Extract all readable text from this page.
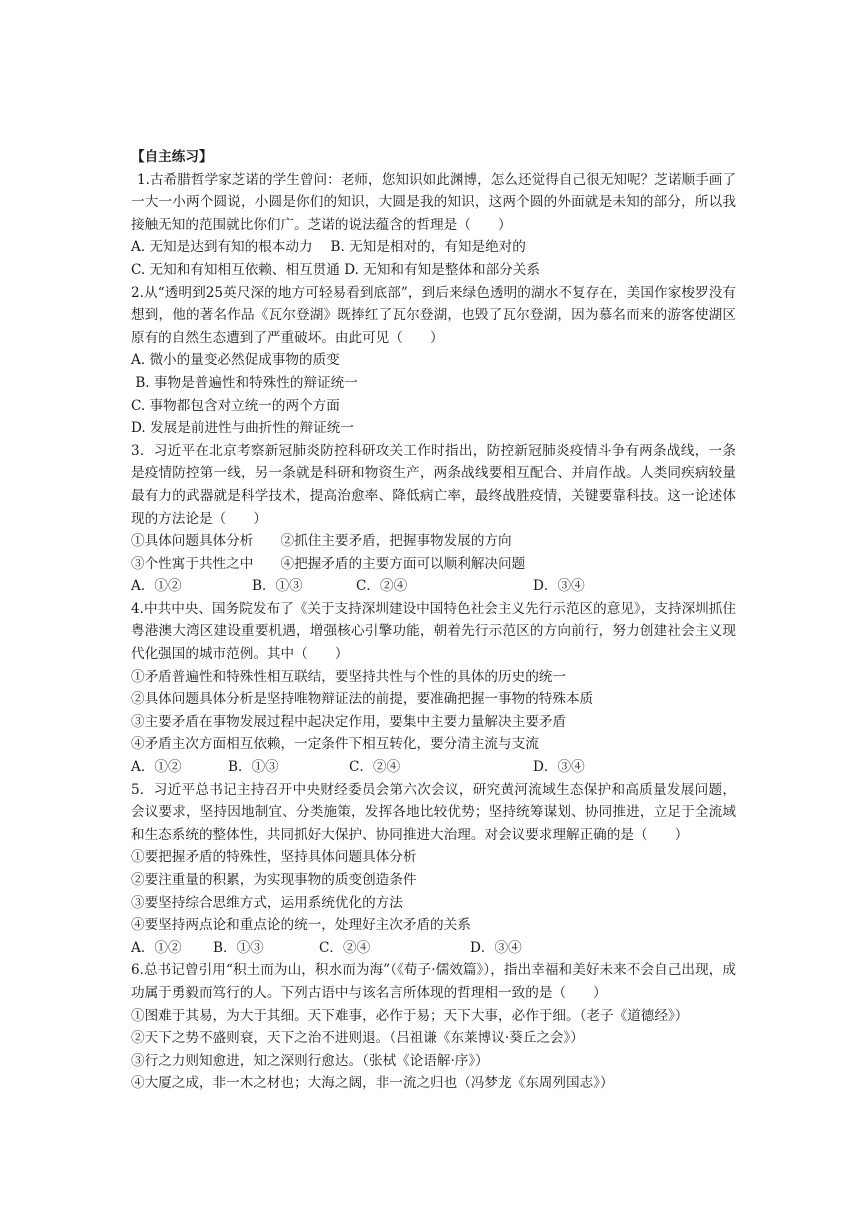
【自主练习】

1.古希腊哲学家芝诺的学生曾问：老师，您知识如此渊博，怎么还觉得自己很无知呢？芝诺顺手画了一大一小两个圆说，小圆是你们的知识，大圆是我的知识，这两个圆的外面就是未知的部分，所以我接触无知的范围就比你们广。芝诺的说法蕴含的哲理是（　　）

A. 无知是达到有知的根本动力　 B. 无知是相对的，有知是绝对的

C. 无知和有知相互依赖、相互贯通 D. 无知和有知是整体和部分关系

2.从“透明到25英尺深的地方可轻易看到底部”，到后来绿色透明的湖水不复存在，美国作家梭罗没有想到，他的著名作品《瓦尔登湖》既捧红了瓦尔登湖，也毁了瓦尔登湖，因为慕名而来的游客使湖区原有的自然生态遭到了严重破坏。由此可见（　　）

A. 微小的量变必然促成事物的质变

B. 事物是普遍性和特殊性的辩证统一

C. 事物都包含对立统一的两个方面

D. 发展是前进性与曲折性的辩证统一

3．习近平在北京考察新冠肺炎防控科研攻关工作时指出，防控新冠肺炎疫情斗争有两条战线，一条是疫情防控第一线，另一条就是科研和物资生产，两条战线要相互配合、并肩作战。人类同疾病较量最有力的武器就是科学技术，提高治愈率、降低病亡率，最终战胜疫情，关键要靠科技。这一论述体现的方法论是（　　）

①具体问题具体分析　　②抓住主要矛盾，把握事物发展的方向

③个性寓于共性之中　　④把握矛盾的主要方面可以顺利解决问题

A．①②	B．①③	C．②④	D．③④

4.中共中央、国务院发布了《关于支持深圳建设中国特色社会主义先行示范区的意见》，支持深圳抓住粤港澳大湾区建设重要机遇，增强核心引擎功能，朝着先行示范区的方向前行，努力创建社会主义现代化强国的城市范例。其中（　　）

①矛盾普遍性和特殊性相互联结，要坚持共性与个性的具体的历史的统一

②具体问题具体分析是坚持唯物辩证法的前提，要准确把握一事物的特殊本质

③主要矛盾在事物发展过程中起决定作用，要集中主要力量解决主要矛盾

④矛盾主次方面相互依赖，一定条件下相互转化，要分清主流与支流

A．①②	B．①③	C．②④	D．③④

5．习近平总书记主持召开中央财经委员会第六次会议，研究黄河流域生态保护和高质量发展问题，会议要求，坚持因地制宜、分类施策，发挥各地比较优势；坚持统筹谋划、协同推进，立足于全流域和生态系统的整体性，共同抓好大保护、协同推进大治理。对会议要求理解正确的是（　　）

①要把握矛盾的特殊性，坚持具体问题具体分析

②要注重量的积累，为实现事物的质变创造条件

③要坚持综合思维方式，运用系统优化的方法

④要坚持两点论和重点论的统一，处理好主次矛盾的关系

A．①②	B．①③	C．②④	D．③④

6.总书记曾引用“积土而为山，积水而为海”（《荀子·儒效篇》），指出幸福和美好未来不会自己出现，成功属于勇毅而笃行的人。下列古语中与该名言所体现的哲理相一致的是（　　）

①图难于其易，为大于其细。天下难事，必作于易；天下大事，必作于细。（老子《道德经》）

②天下之势不盛则衰，天下之治不进则退。（吕祖谦《东莱博议·葵丘之会》）

③行之力则知愈进，知之深则行愈达。（张栻《论语解·序》）

④大厦之成，非一木之材也；大海之阔，非一流之归也（冯梦龙《东周列国志》）
